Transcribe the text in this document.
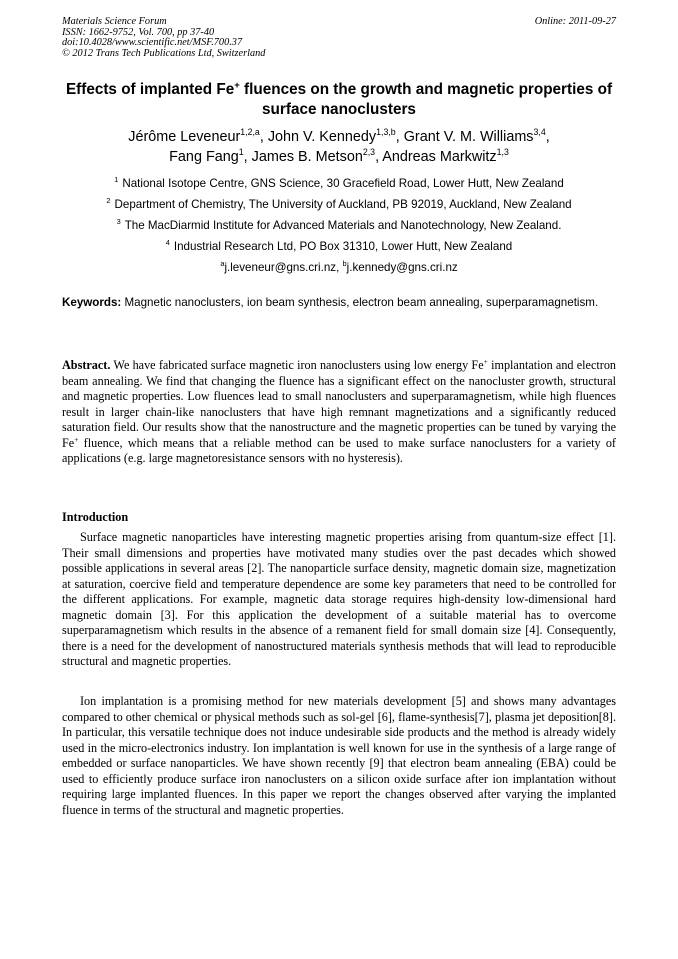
Materials Science Forum
ISSN: 1662-9752, Vol. 700, pp 37-40
doi:10.4028/www.scientific.net/MSF.700.37
© 2012 Trans Tech Publications Ltd, Switzerland
Online: 2011-09-27
Effects of implanted Fe+ fluences on the growth and magnetic properties of surface nanoclusters
Jérôme Leveneur$^{1,2,a}$, John V. Kennedy$^{1,3,b}$, Grant V. M. Williams$^{3,4}$,
Fang Fang$^1$, James B. Metson$^{2,3}$, Andreas Markwitz$^{1,3}$
$^1$ National Isotope Centre, GNS Science, 30 Gracefield Road, Lower Hutt, New Zealand
$^2$ Department of Chemistry, The University of Auckland, PB 92019, Auckland, New Zealand
$^3$ The MacDiarmid Institute for Advanced Materials and Nanotechnology, New Zealand.
$^4$ Industrial Research Ltd, PO Box 31310, Lower Hutt, New Zealand
$^a$j.leveneur@gns.cri.nz, $^b$j.kennedy@gns.cri.nz
Keywords: Magnetic nanoclusters, ion beam synthesis, electron beam annealing, superparamagnetism.
Abstract. We have fabricated surface magnetic iron nanoclusters using low energy Fe+ implantation and electron beam annealing. We find that changing the fluence has a significant effect on the nanocluster growth, structural and magnetic properties. Low fluences lead to small nanoclusters and superparamagnetism, while high fluences result in larger chain-like nanoclusters that have high remnant magnetizations and a significantly reduced saturation field. Our results show that the nanostructure and the magnetic properties can be tuned by varying the Fe+ fluence, which means that a reliable method can be used to make surface nanoclusters for a variety of applications (e.g. large magnetoresistance sensors with no hysteresis).
Introduction
Surface magnetic nanoparticles have interesting magnetic properties arising from quantum-size effect [1]. Their small dimensions and properties have motivated many studies over the past decades which showed possible applications in several areas [2]. The nanoparticle surface density, magnetic domain size, magnetization at saturation, coercive field and temperature dependence are some key parameters that need to be controlled for the different applications. For example, magnetic data storage requires high-density low-dimensional hard magnetic domain [3]. For this application the development of a suitable material has to overcome superparamagnetism which results in the absence of a remanent field for small domain size [4]. Consequently, there is a need for the development of nanostructured materials synthesis methods that will lead to reproducible structural and magnetic properties.
Ion implantation is a promising method for new materials development [5] and shows many advantages compared to other chemical or physical methods such as sol-gel [6], flame-synthesis[7], plasma jet deposition[8]. In particular, this versatile technique does not induce undesirable side products and the method is already widely used in the micro-electronics industry. Ion implantation is well known for use in the synthesis of a large range of embedded or surface nanoparticles. We have shown recently [9] that electron beam annealing (EBA) could be used to efficiently produce surface iron nanoclusters on a silicon oxide surface after ion implantation without requiring large implanted fluences. In this paper we report the changes observed after varying the implanted fluence in terms of the structural and magnetic properties.
